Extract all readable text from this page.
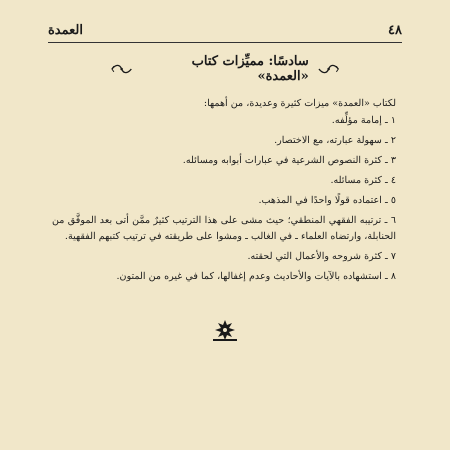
٤٨
العمدة
سادسًا: مميِّزات كتاب «العمدة»

لكتاب «العمدة» ميزات كثيرة وعديدة، من أهمها:

١ ـ إمامة مؤلِّفه.

٢ ـ سهولة عبارته، مع الاختصار.

٣ ـ كثرة النصوص الشرعية في عبارات أبوابه ومسائله.

٤ ـ كثرة مسائله.

٥ ـ اعتماده قولًا واحدًا في المذهب.

٦ ـ ترتيبه الفقهي المنطقي؛ حيث مشى على هذا الترتيب كثيرٌ ممَّن أتى بعد الموفَّق من الحنابلة، وارتضاه العلماء ـ في الغالب ـ ومشوا على طريقته في ترتيب كتبهم الفقهية.

٧ ـ كثرة شروحه والأعمال التي لحقته.

٨ ـ استشهاده بالآيات والأحاديث وعدم إغفالها، كما في غيره من المتون.
